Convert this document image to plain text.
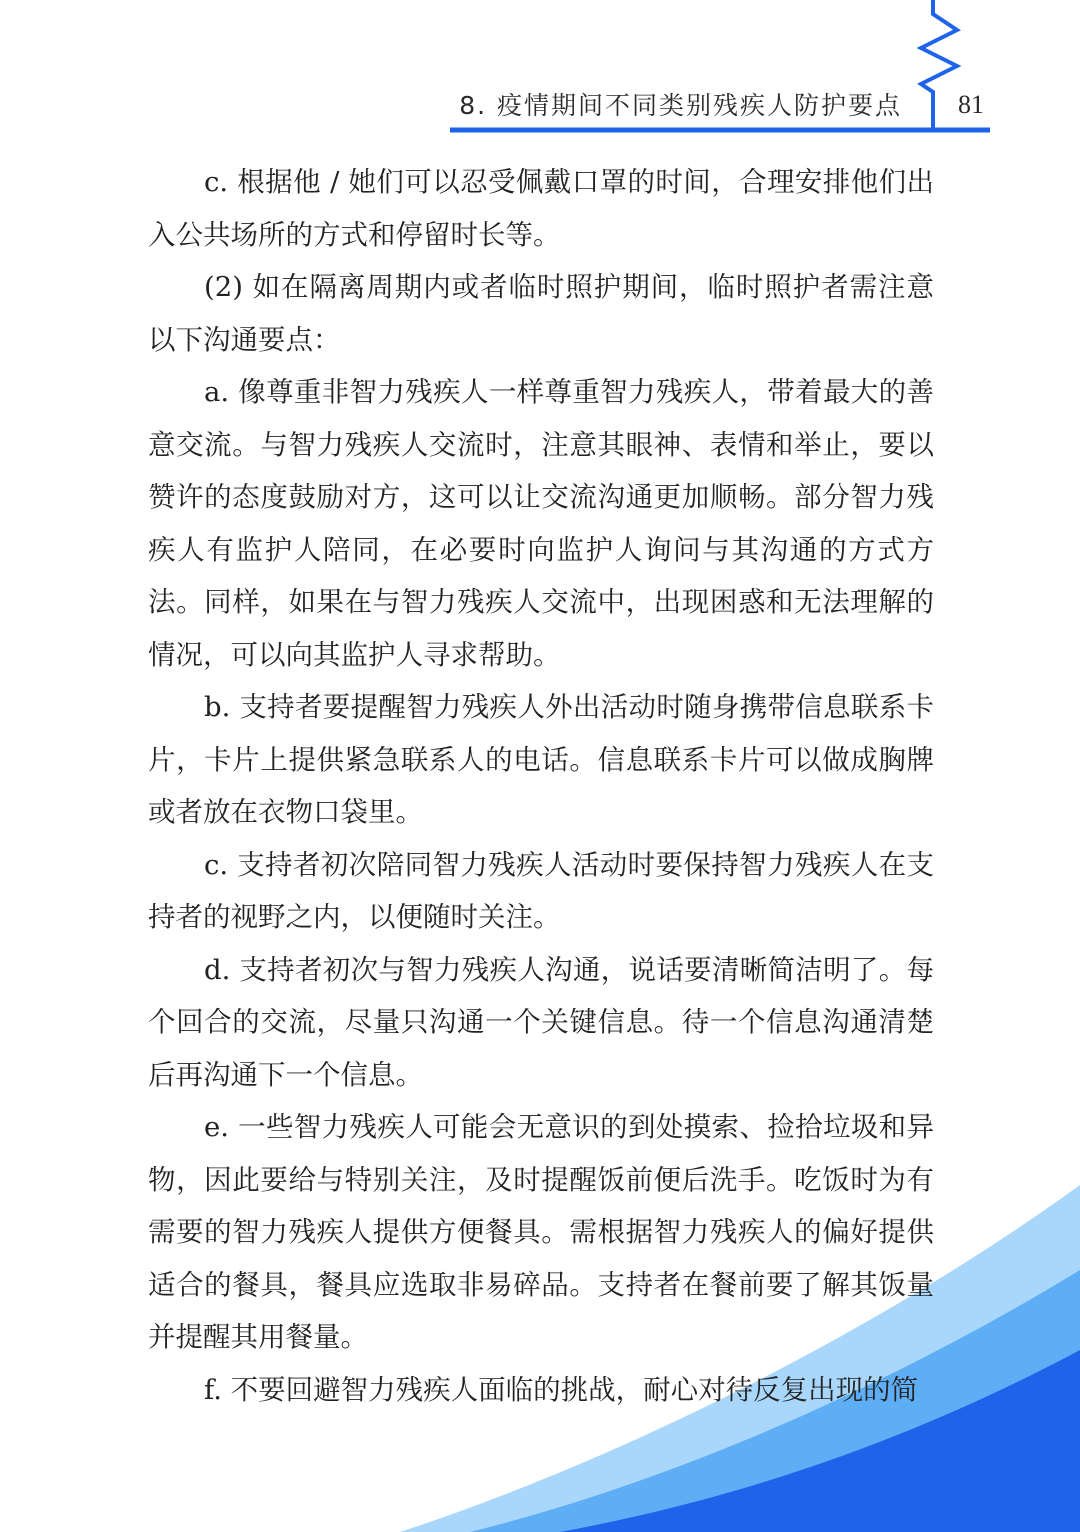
8. 疫情期间不同类别残疾人防护要点 81

c. 根据他 / 她们可以忍受佩戴口罩的时间，合理安排他们出入公共场所的方式和停留时长等。

(2) 如在隔离周期内或者临时照护期间，临时照护者需注意以下沟通要点：

a. 像尊重非智力残疾人一样尊重智力残疾人，带着最大的善意交流。与智力残疾人交流时，注意其眼神、表情和举止，要以赞许的态度鼓励对方，这可以让交流沟通更加顺畅。部分智力残疾人有监护人陪同，在必要时向监护人询问与其沟通的方式方法。同样，如果在与智力残疾人交流中，出现困惑和无法理解的情况，可以向其监护人寻求帮助。

b. 支持者要提醒智力残疾人外出活动时随身携带信息联系卡片，卡片上提供紧急联系人的电话。信息联系卡片可以做成胸牌或者放在衣物口袋里。

c. 支持者初次陪同智力残疾人活动时要保持智力残疾人在支持者的视野之内，以便随时关注。

d. 支持者初次与智力残疾人沟通，说话要清晰简洁明了。每个回合的交流，尽量只沟通一个关键信息。待一个信息沟通清楚后再沟通下一个信息。

e. 一些智力残疾人可能会无意识的到处摸索、捡拾垃圾和异物，因此要给与特别关注，及时提醒饭前便后洗手。吃饭时为有需要的智力残疾人提供方便餐具。需根据智力残疾人的偏好提供适合的餐具，餐具应选取非易碎品。支持者在餐前要了解其饭量并提醒其用餐量。

f. 不要回避智力残疾人面临的挑战，耐心对待反复出现的简
